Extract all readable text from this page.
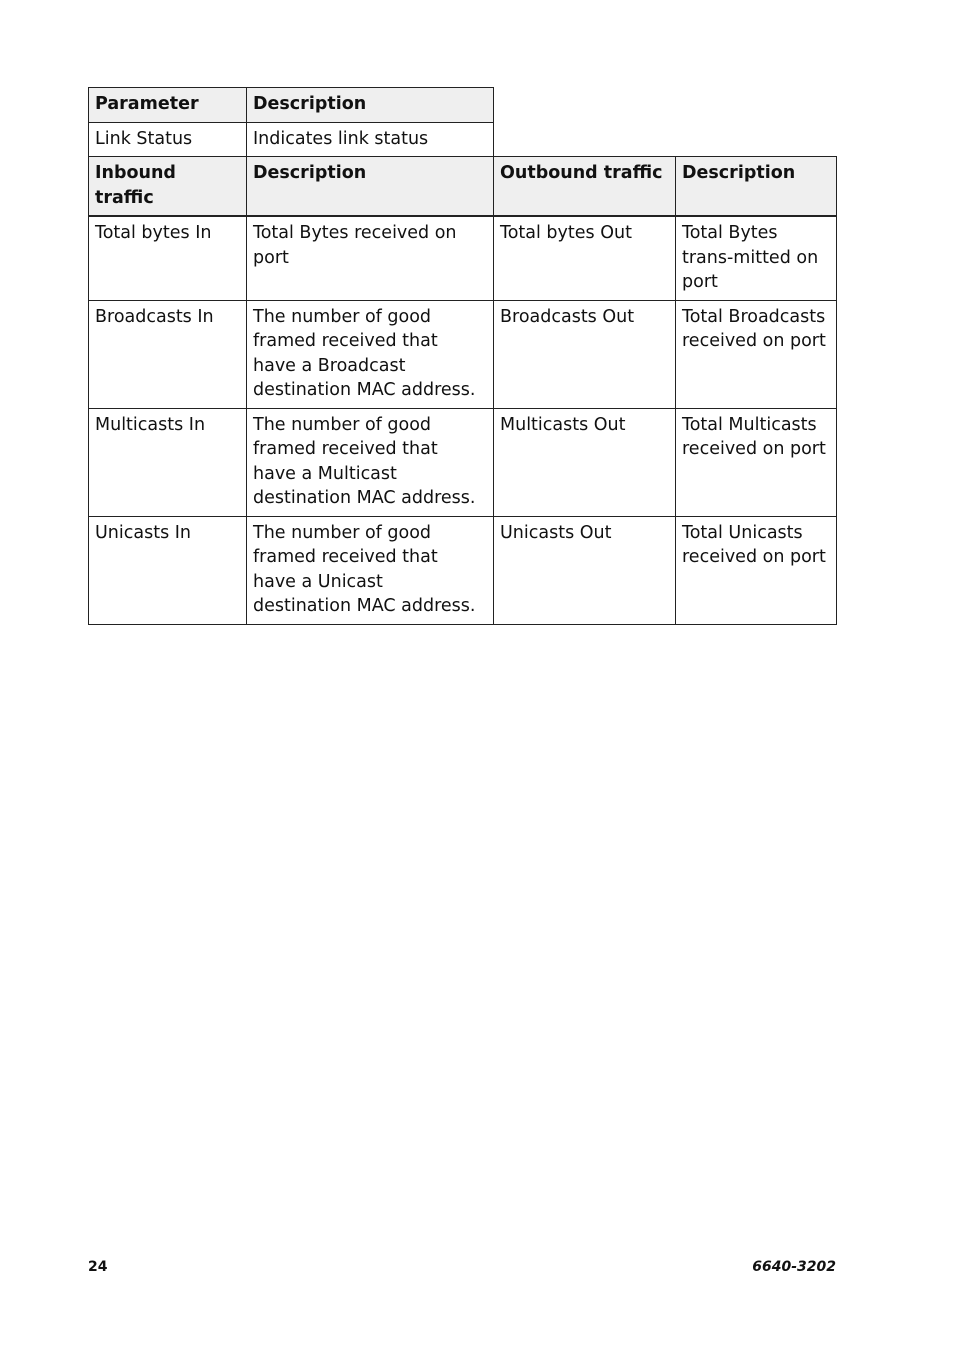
Parameter	Description		
Link Status	Indicates link status		
Inbound traffic	Description	Outbound traffic	Description
Total bytes In	Total Bytes received on port	Total bytes Out	Total Bytes trans-mitted on port
Broadcasts In	The number of good framed received that have a Broadcast destination MAC address.	Broadcasts Out	Total Broadcasts received on port
Multicasts In	The number of good framed received that have a Multicast destination MAC address.	Multicasts Out	Total Multicasts received on port
Unicasts In	The number of good framed received that have a Unicast destination MAC address.	Unicasts Out	Total Unicasts received on port
24	6640-3202
